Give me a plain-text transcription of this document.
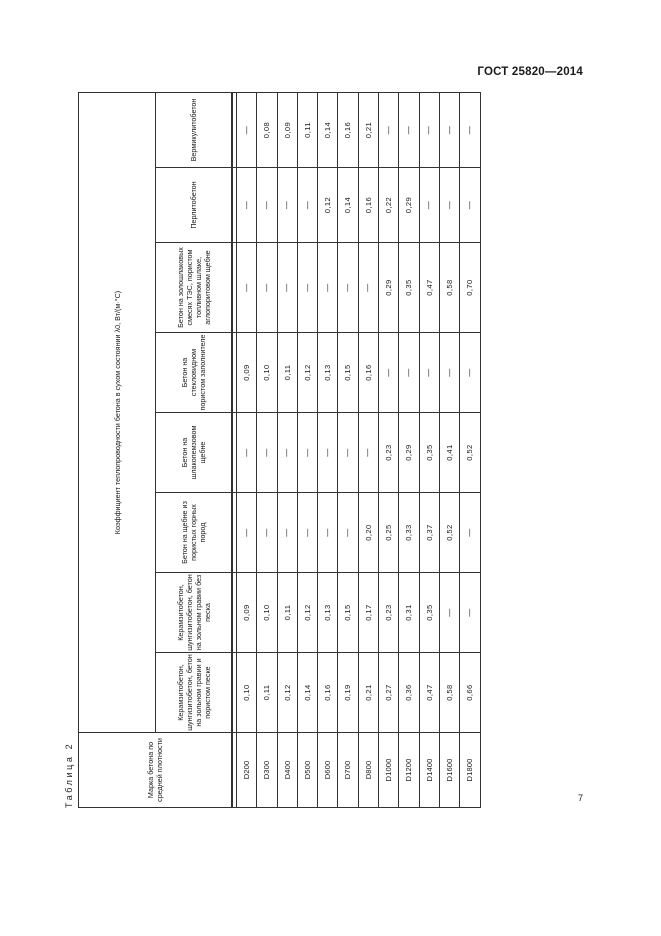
ГОСТ 25820—2014
Таблица 2	Марка бетона по средней плотности	Коэффициент теплопроводности бетона в сухом состоянии λ0, Вт/(м·°С)							
	Керамзитобетон, шунгизитобетон, бетон на зольном гравии и пористом песке	Керамзитобетон, шунгизитобетон, бетон на зольном гравии без песка	Бетон на щебне из пористых горных пород	Бетон на шлакопемзовом щебне	Бетон на стекловидном пористом заполнителе	Бетон на золошлаковых смесях ТЭС, пористом топливном шлаке, аглопоритовом щебне	Перлитобетон	Вермикулитобетон

D200	0,10	0,09	—	—	0,09	—	—	—
D300	0,11	0,10	—	—	0,10	—	—	0,08
D400	0,12	0,11	—	—	0,11	—	—	0,09
D500	0,14	0,12	—	—	0,12	—	—	0,11
D600	0,16	0,13	—	—	0,13	—	0,12	0,14
D700	0,19	0,15	—	—	0,15	—	0,14	0,16
D800	0,21	0,17	0,20	—	0,16	—	0,16	0,21
D1000	0,27	0,23	0,25	0,23	—	0,29	0,22	—
D1200	0,36	0,31	0,33	0,29	—	0,35	0,29	—
D1400	0,47	0,35	0,37	0,35	—	0,47	—	—
D1600	0,58	—	0,52	0,41	—	0,58	—	—
D1800	0,66	—	—	0,52	—	0,70	—	—
7
